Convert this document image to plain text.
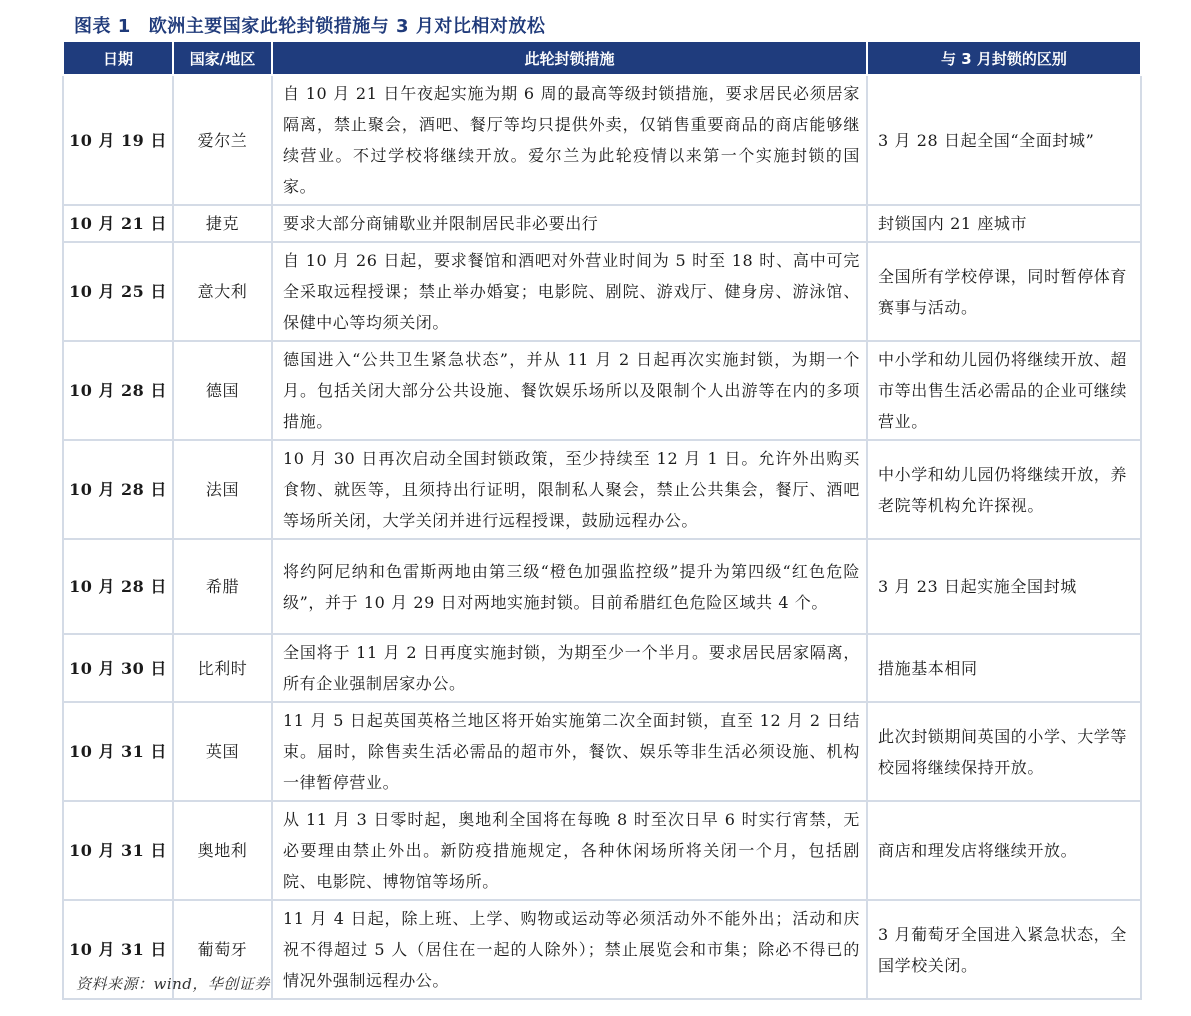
图表 1 欧洲主要国家此轮封锁措施与 3 月对比相对放松
日期	国家/地区	此轮封锁措施	与 3 月封锁的区别
10 月 19 日	爱尔兰	自 10 月 21 日午夜起实施为期 6 周的最高等级封锁措施，要求居民必须居家隔离，禁止聚会，酒吧、餐厅等均只提供外卖，仅销售重要商品的商店能够继续营业。不过学校将继续开放。爱尔兰为此轮疫情以来第一个实施封锁的国家。	3 月 28 日起全国“全面封城”
10 月 21 日	捷克	要求大部分商铺歇业并限制居民非必要出行	封锁国内 21 座城市
10 月 25 日	意大利	自 10 月 26 日起，要求餐馆和酒吧对外营业时间为 5 时至 18 时、高中可完全采取远程授课；禁止举办婚宴；电影院、剧院、游戏厅、健身房、游泳馆、保健中心等均须关闭。	全国所有学校停课，同时暂停体育赛事与活动。
10 月 28 日	德国	德国进入“公共卫生紧急状态”，并从 11 月 2 日起再次实施封锁，为期一个月。包括关闭大部分公共设施、餐饮娱乐场所以及限制个人出游等在内的多项措施。	中小学和幼儿园仍将继续开放、超市等出售生活必需品的企业可继续营业。
10 月 28 日	法国	10 月 30 日再次启动全国封锁政策，至少持续至 12 月 1 日。允许外出购买食物、就医等，且须持出行证明，限制私人聚会，禁止公共集会，餐厅、酒吧等场所关闭，大学关闭并进行远程授课，鼓励远程办公。	中小学和幼儿园仍将继续开放，养老院等机构允许探视。
10 月 28 日	希腊	将约阿尼纳和色雷斯两地由第三级“橙色加强监控级”提升为第四级“红色危险级”，并于 10 月 29 日对两地实施封锁。目前希腊红色危险区域共 4 个。	3 月 23 日起实施全国封城
10 月 30 日	比利时	全国将于 11 月 2 日再度实施封锁，为期至少一个半月。要求居民居家隔离，所有企业强制居家办公。	措施基本相同
10 月 31 日	英国	11 月 5 日起英国英格兰地区将开始实施第二次全面封锁，直至 12 月 2 日结束。届时，除售卖生活必需品的超市外，餐饮、娱乐等非生活必须设施、机构一律暂停营业。	此次封锁期间英国的小学、大学等校园将继续保持开放。
10 月 31 日	奥地利	从 11 月 3 日零时起，奥地利全国将在每晚 8 时至次日早 6 时实行宵禁，无必要理由禁止外出。新防疫措施规定，各种休闲场所将关闭一个月，包括剧院、电影院、博物馆等场所。	商店和理发店将继续开放。
10 月 31 日	葡萄牙	11 月 4 日起，除上班、上学、购物或运动等必须活动外不能外出；活动和庆祝不得超过 5 人（居住在一起的人除外）；禁止展览会和市集；除必不得已的情况外强制远程办公。	3 月葡萄牙全国进入紧急状态，全国学校关闭。
资料来源：wind，华创证券
